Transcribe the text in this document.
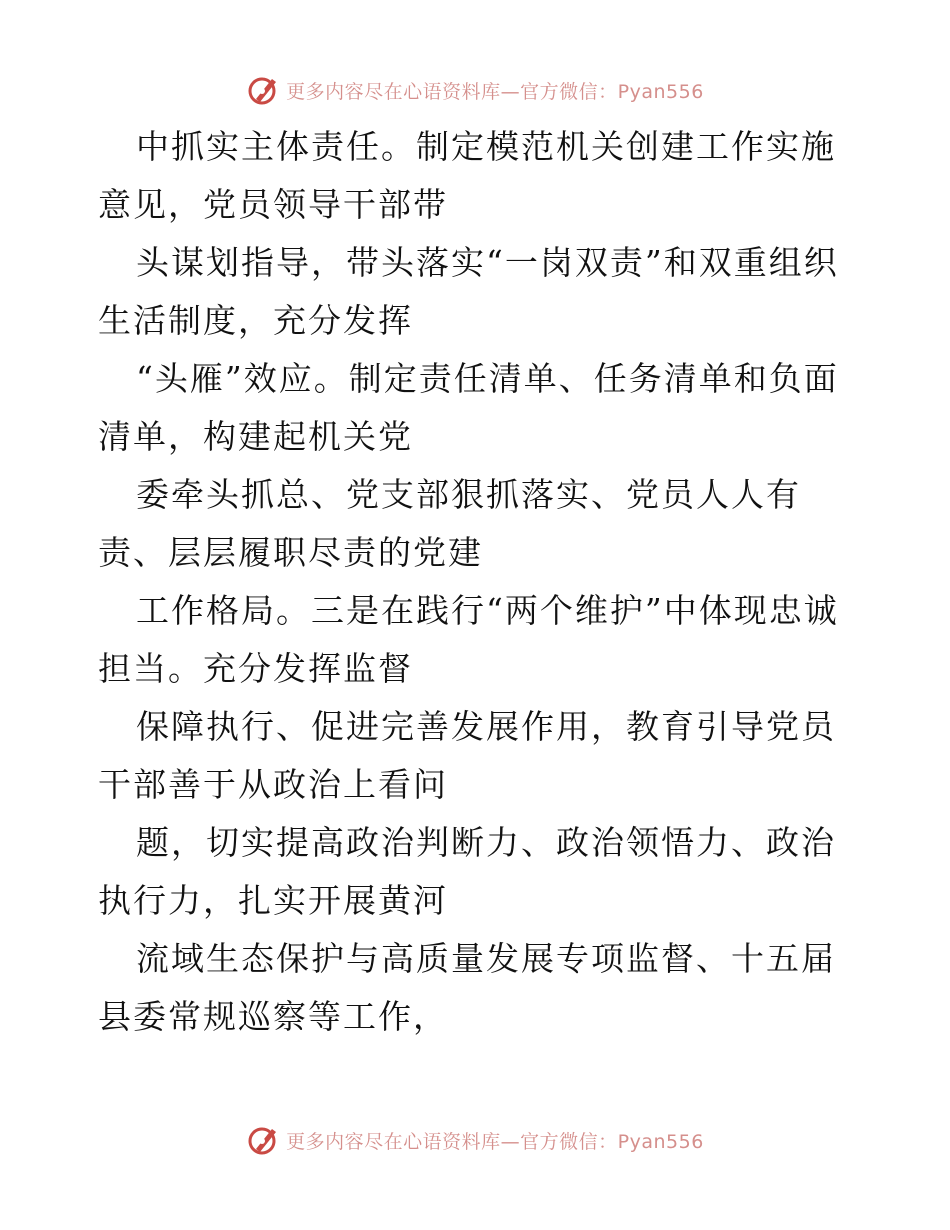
更多内容尽在心语资料库—官方微信：Pyan556

中抓实主体责任。制定模范机关创建工作实施意见，党员领导干部带

头谋划指导，带头落实“一岗双责”和双重组织生活制度，充分发挥

“头雁”效应。制定责任清单、任务清单和负面清单，构建起机关党

委牵头抓总、党支部狠抓落实、党员人人有责、层层履职尽责的党建

工作格局。三是在践行“两个维护”中体现忠诚担当。充分发挥监督

保障执行、促进完善发展作用，教育引导党员干部善于从政治上看问

题，切实提高政治判断力、政治领悟力、政治执行力，扎实开展黄河

流域生态保护与高质量发展专项监督、十五届县委常规巡察等工作，

更多内容尽在心语资料库—官方微信：Pyan556
